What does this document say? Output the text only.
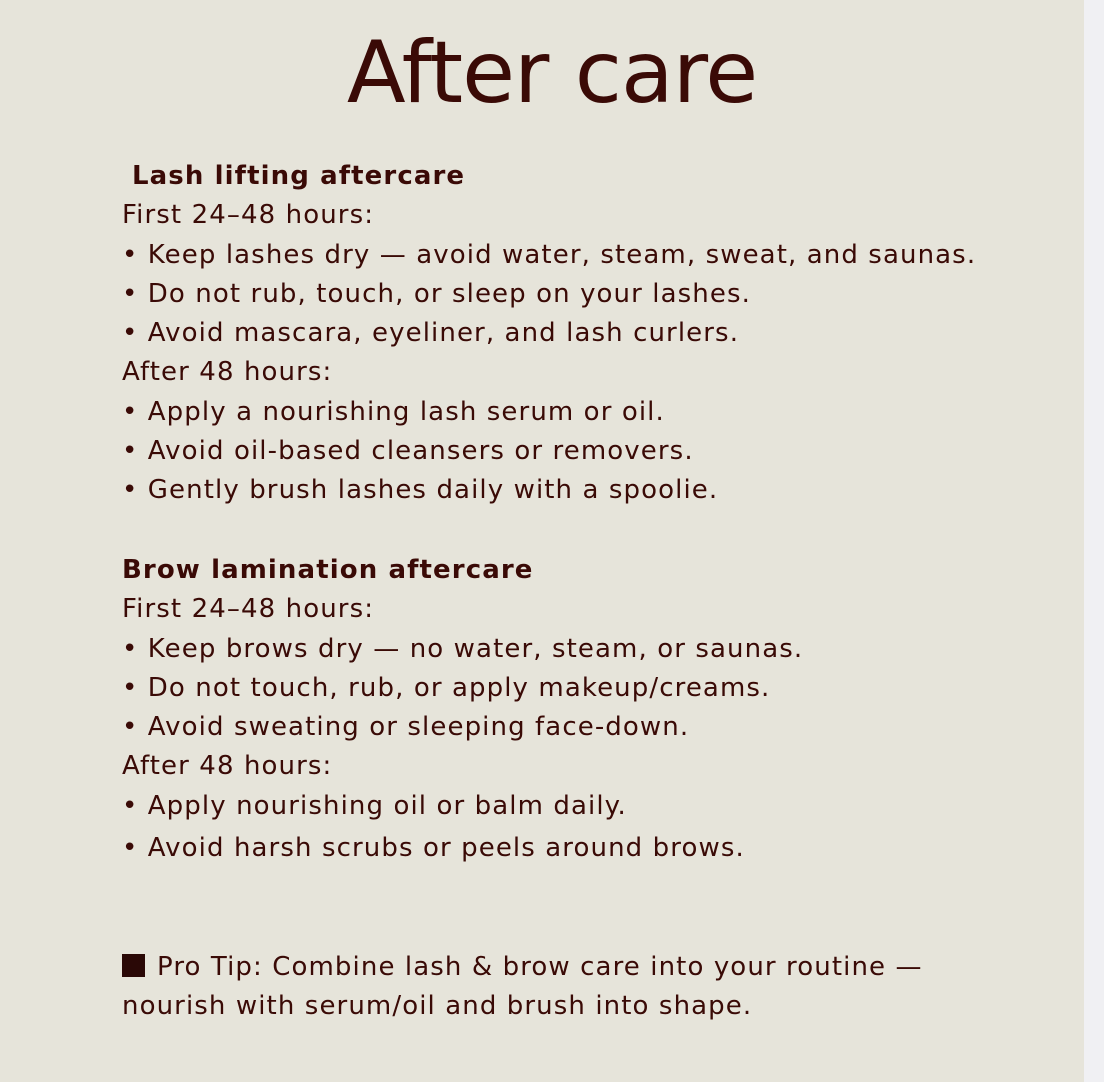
After care
Lash lifting aftercare
First 24–48 hours:
• Keep lashes dry — avoid water, steam, sweat, and saunas.
• Do not rub, touch, or sleep on your lashes.
• Avoid mascara, eyeliner, and lash curlers.
After 48 hours:
• Apply a nourishing lash serum or oil.
• Avoid oil-based cleansers or removers.
• Gently brush lashes daily with a spoolie.
Brow lamination aftercare
First 24–48 hours:
• Keep brows dry — no water, steam, or saunas.
• Do not touch, rub, or apply makeup/creams.
• Avoid sweating or sleeping face-down.
After 48 hours:
• Apply nourishing oil or balm daily.
• Avoid harsh scrubs or peels around brows.
Pro Tip: Combine lash & brow care into your routine —
nourish with serum/oil and brush into shape.
